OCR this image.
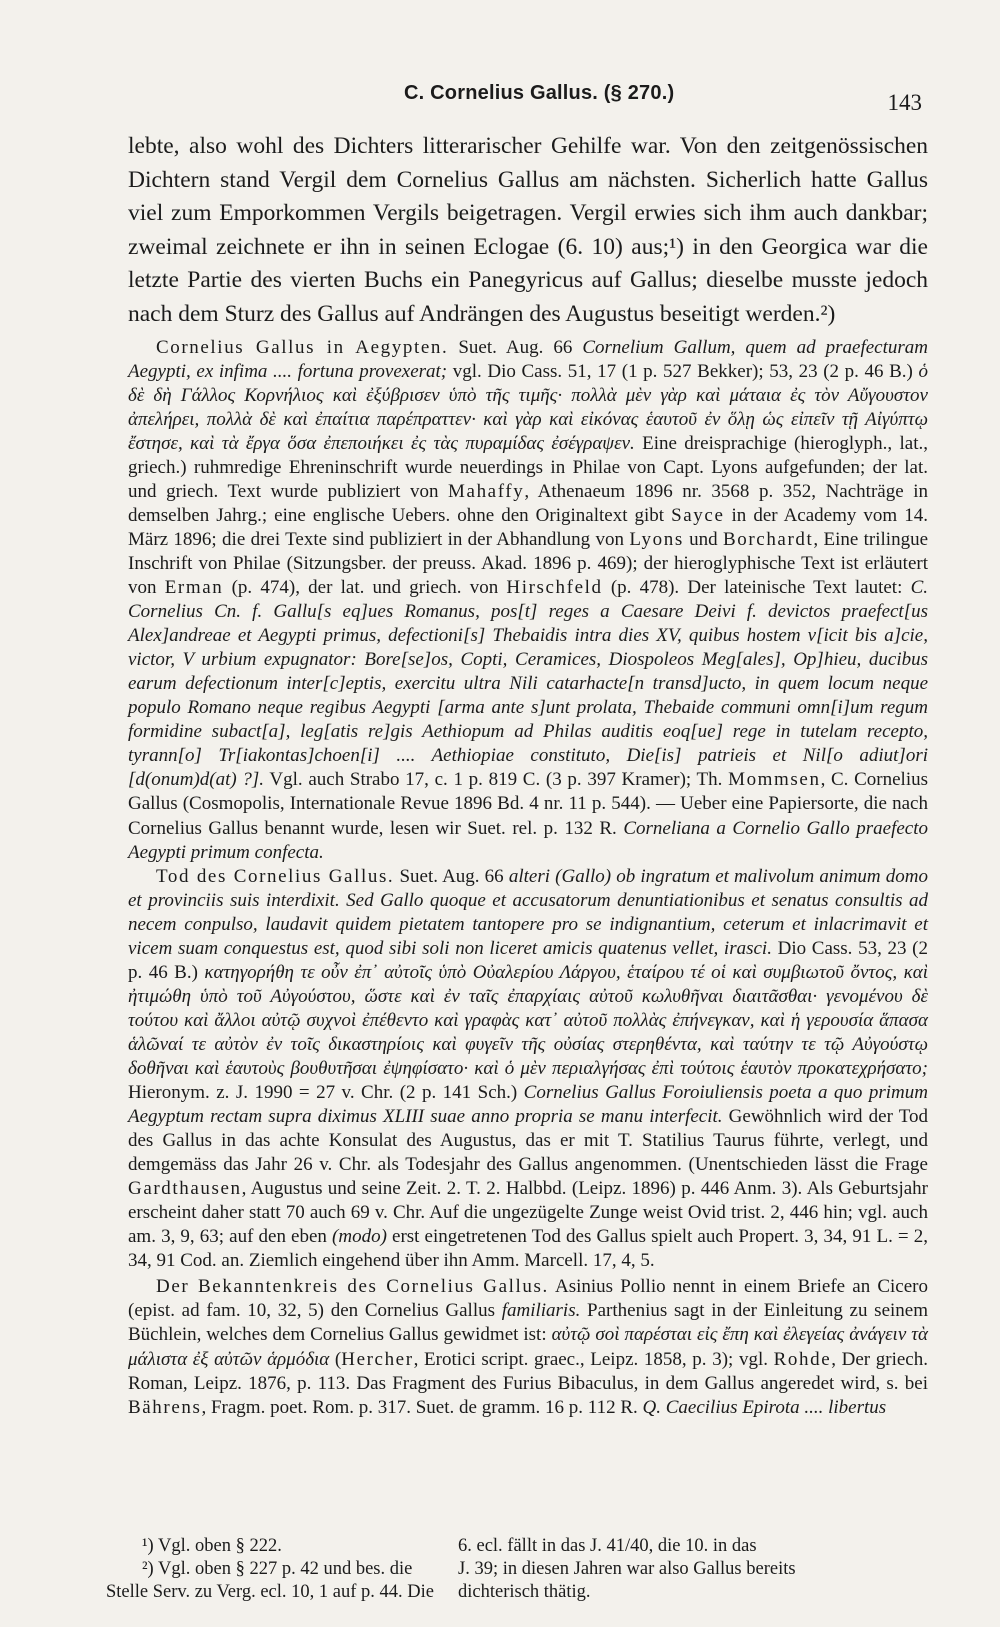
C. Cornelius Gallus. (§ 270.)	143

lebte, also wohl des Dichters litterarischer Gehilfe war. Von den zeitgenössischen Dichtern stand Vergil dem Cornelius Gallus am nächsten. Sicherlich hatte Gallus viel zum Emporkommen Vergils beigetragen. Vergil erwies sich ihm auch dankbar; zweimal zeichnete er ihn in seinen Eclogae (6. 10) aus;¹) in den Georgica war die letzte Partie des vierten Buchs ein Panegyricus auf Gallus; dieselbe musste jedoch nach dem Sturz des Gallus auf Andrängen des Augustus beseitigt werden.²)

Cornelius Gallus in Aegypten. Suet. Aug. 66 Cornelium Gallum, quem ad praefecturam Aegypti, ex infima .... fortuna provexerat; vgl. Dio Cass. 51, 17 (1 p. 527 Bekker); 53, 23 (2 p. 46 B.) ὁ δὲ δὴ Γάλλος Κορνήλιος καὶ ἐξύβρισεν ὑπὸ τῆς τιμῆς· πολλὰ μὲν γὰρ καὶ μάταια ἐς τὸν Αὔγουστον ἀπελήρει, πολλὰ δὲ καὶ ἐπαίτια παρέπραττεν· καὶ γὰρ καὶ εἰκόνας ἑαυτοῦ ἐν ὅλῃ ὡς εἰπεῖν τῇ Αἰγύπτῳ ἔστησε, καὶ τὰ ἔργα ὅσα ἐπεποιήκει ἐς τὰς πυραμίδας ἐσέγραψεν. Eine dreisprachige (hieroglyph., lat., griech.) ruhmredige Ehreninschrift wurde neuerdings in Philae von Capt. Lyons aufgefunden; der lat. und griech. Text wurde publiziert von Mahaffy, Athenaeum 1896 nr. 3568 p. 352, Nachträge in demselben Jahrg.; eine englische Uebers. ohne den Originaltext gibt Sayce in der Academy vom 14. März 1896; die drei Texte sind publiziert in der Abhandlung von Lyons und Borchardt, Eine trilingue Inschrift von Philae (Sitzungsber. der preuss. Akad. 1896 p. 469); der hieroglyphische Text ist erläutert von Erman (p. 474), der lat. und griech. von Hirschfeld (p. 478). Der lateinische Text lautet: C. Cornelius Cn. f. Gallu[s eq]ues Romanus, pos[t] reges a Caesare Deivi f. devictos praefect[us Alex]andreae et Aegypti primus, defectioni[s] Thebaidis intra dies XV, quibus hostem v[icit bis a]cie, victor, V urbium expugnator: Bore[se]os, Copti, Ceramices, Diospoleos Meg[ales], Op]hieu, ducibus earum defectionum inter[c]eptis, exercitu ultra Nili catarhacte[n transd]ucto, in quem locum neque populo Romano neque regibus Aegypti [arma ante s]unt prolata, Thebaide communi omn[i]um regum formidine subact[a], leg[atis re]gis Aethiopum ad Philas auditis eoq[ue] rege in tutelam recepto, tyrann[o] Tr[iakontas]choen[i] .... Aethiopiae constituto, Die[is] patrieis et Nil[o adiut]ori [d(onum)d(at) ?]. Vgl. auch Strabo 17, c. 1 p. 819 C. (3 p. 397 Kramer); Th. Mommsen, C. Cornelius Gallus (Cosmopolis, Internationale Revue 1896 Bd. 4 nr. 11 p. 544). — Ueber eine Papiersorte, die nach Cornelius Gallus benannt wurde, lesen wir Suet. rel. p. 132 R. Corneliana a Cornelio Gallo praefecto Aegypti primum confecta.

Tod des Cornelius Gallus. Suet. Aug. 66 alteri (Gallo) ob ingratum et malivolum animum domo et provinciis suis interdixit. Sed Gallo quoque et accusatorum denuntiationibus et senatus consultis ad necem conpulso, laudavit quidem pietatem tantopere pro se indignantium, ceterum et inlacrimavit et vicem suam conquestus est, quod sibi soli non liceret amicis quatenus vellet, irasci. Dio Cass. 53, 23 (2 p. 46 B.) κατηγορήθη τε οὖν ἐπ᾿ αὐτοῖς ὑπὸ Οὐαλερίου Λάργου, ἑταίρου τέ οἱ καὶ συμβιωτοῦ ὄντος, καὶ ἠτιμώθη ὑπὸ τοῦ Αὐγούστου, ὥστε καὶ ἐν ταῖς ἐπαρχίαις αὐτοῦ κωλυθῆναι διαιτᾶσθαι· γενομένου δὲ τούτου καὶ ἄλλοι αὐτῷ συχνοὶ ἐπέθεντο καὶ γραφὰς κατ᾿ αὐτοῦ πολλὰς ἐπήνεγκαν, καὶ ἡ γερουσία ἅπασα ἁλῶναί τε αὐτὸν ἐν τοῖς δικαστηρίοις καὶ φυγεῖν τῆς οὐσίας στερηθέντα, καὶ ταύτην τε τῷ Αὐγούστῳ δοθῆναι καὶ ἑαυτοὺς βουθυτῆσαι ἐψηφίσατο· καὶ ὁ μὲν περιαλγήσας ἐπὶ τούτοις ἑαυτὸν προκατεχρήσατο; Hieronym. z. J. 1990 = 27 v. Chr. (2 p. 141 Sch.) Cornelius Gallus Foroiuliensis poeta a quo primum Aegyptum rectam supra diximus XLIII suae anno propria se manu interfecit. Gewöhnlich wird der Tod des Gallus in das achte Konsulat des Augustus, das er mit T. Statilius Taurus führte, verlegt, und demgemäss das Jahr 26 v. Chr. als Todesjahr des Gallus angenommen. (Unentschieden lässt die Frage Gardthausen, Augustus und seine Zeit. 2. T. 2. Halbbd. (Leipz. 1896) p. 446 Anm. 3). Als Geburtsjahr erscheint daher statt 70 auch 69 v. Chr. Auf die ungezügelte Zunge weist Ovid trist. 2, 446 hin; vgl. auch am. 3, 9, 63; auf den eben (modo) erst eingetretenen Tod des Gallus spielt auch Propert. 3, 34, 91 L. = 2, 34, 91 Cod. an. Ziemlich eingehend über ihn Amm. Marcell. 17, 4, 5.

Der Bekanntenkreis des Cornelius Gallus. Asinius Pollio nennt in einem Briefe an Cicero (epist. ad fam. 10, 32, 5) den Cornelius Gallus familiaris. Parthenius sagt in der Einleitung zu seinem Büchlein, welches dem Cornelius Gallus gewidmet ist: αὐτῷ σοὶ παρέσται εἰς ἔπη καὶ ἐλεγείας ἀνάγειν τὰ μάλιστα ἐξ αὐτῶν ἁρμόδια (Hercher, Erotici script. graec., Leipz. 1858, p. 3); vgl. Rohde, Der griech. Roman, Leipz. 1876, p. 113. Das Fragment des Furius Bibaculus, in dem Gallus angeredet wird, s. bei Bährens, Fragm. poet. Rom. p. 317. Suet. de gramm. 16 p. 112 R. Q. Caecilius Epirota .... libertus

¹) Vgl. oben § 222.
²) Vgl. oben § 227 p. 42 und bes. die
Stelle Serv. zu Verg. ecl. 10, 1 auf p. 44. Die
6. ecl. fällt in das J. 41/40, die 10. in das
J. 39; in diesen Jahren war also Gallus bereits
dichterisch thätig.
